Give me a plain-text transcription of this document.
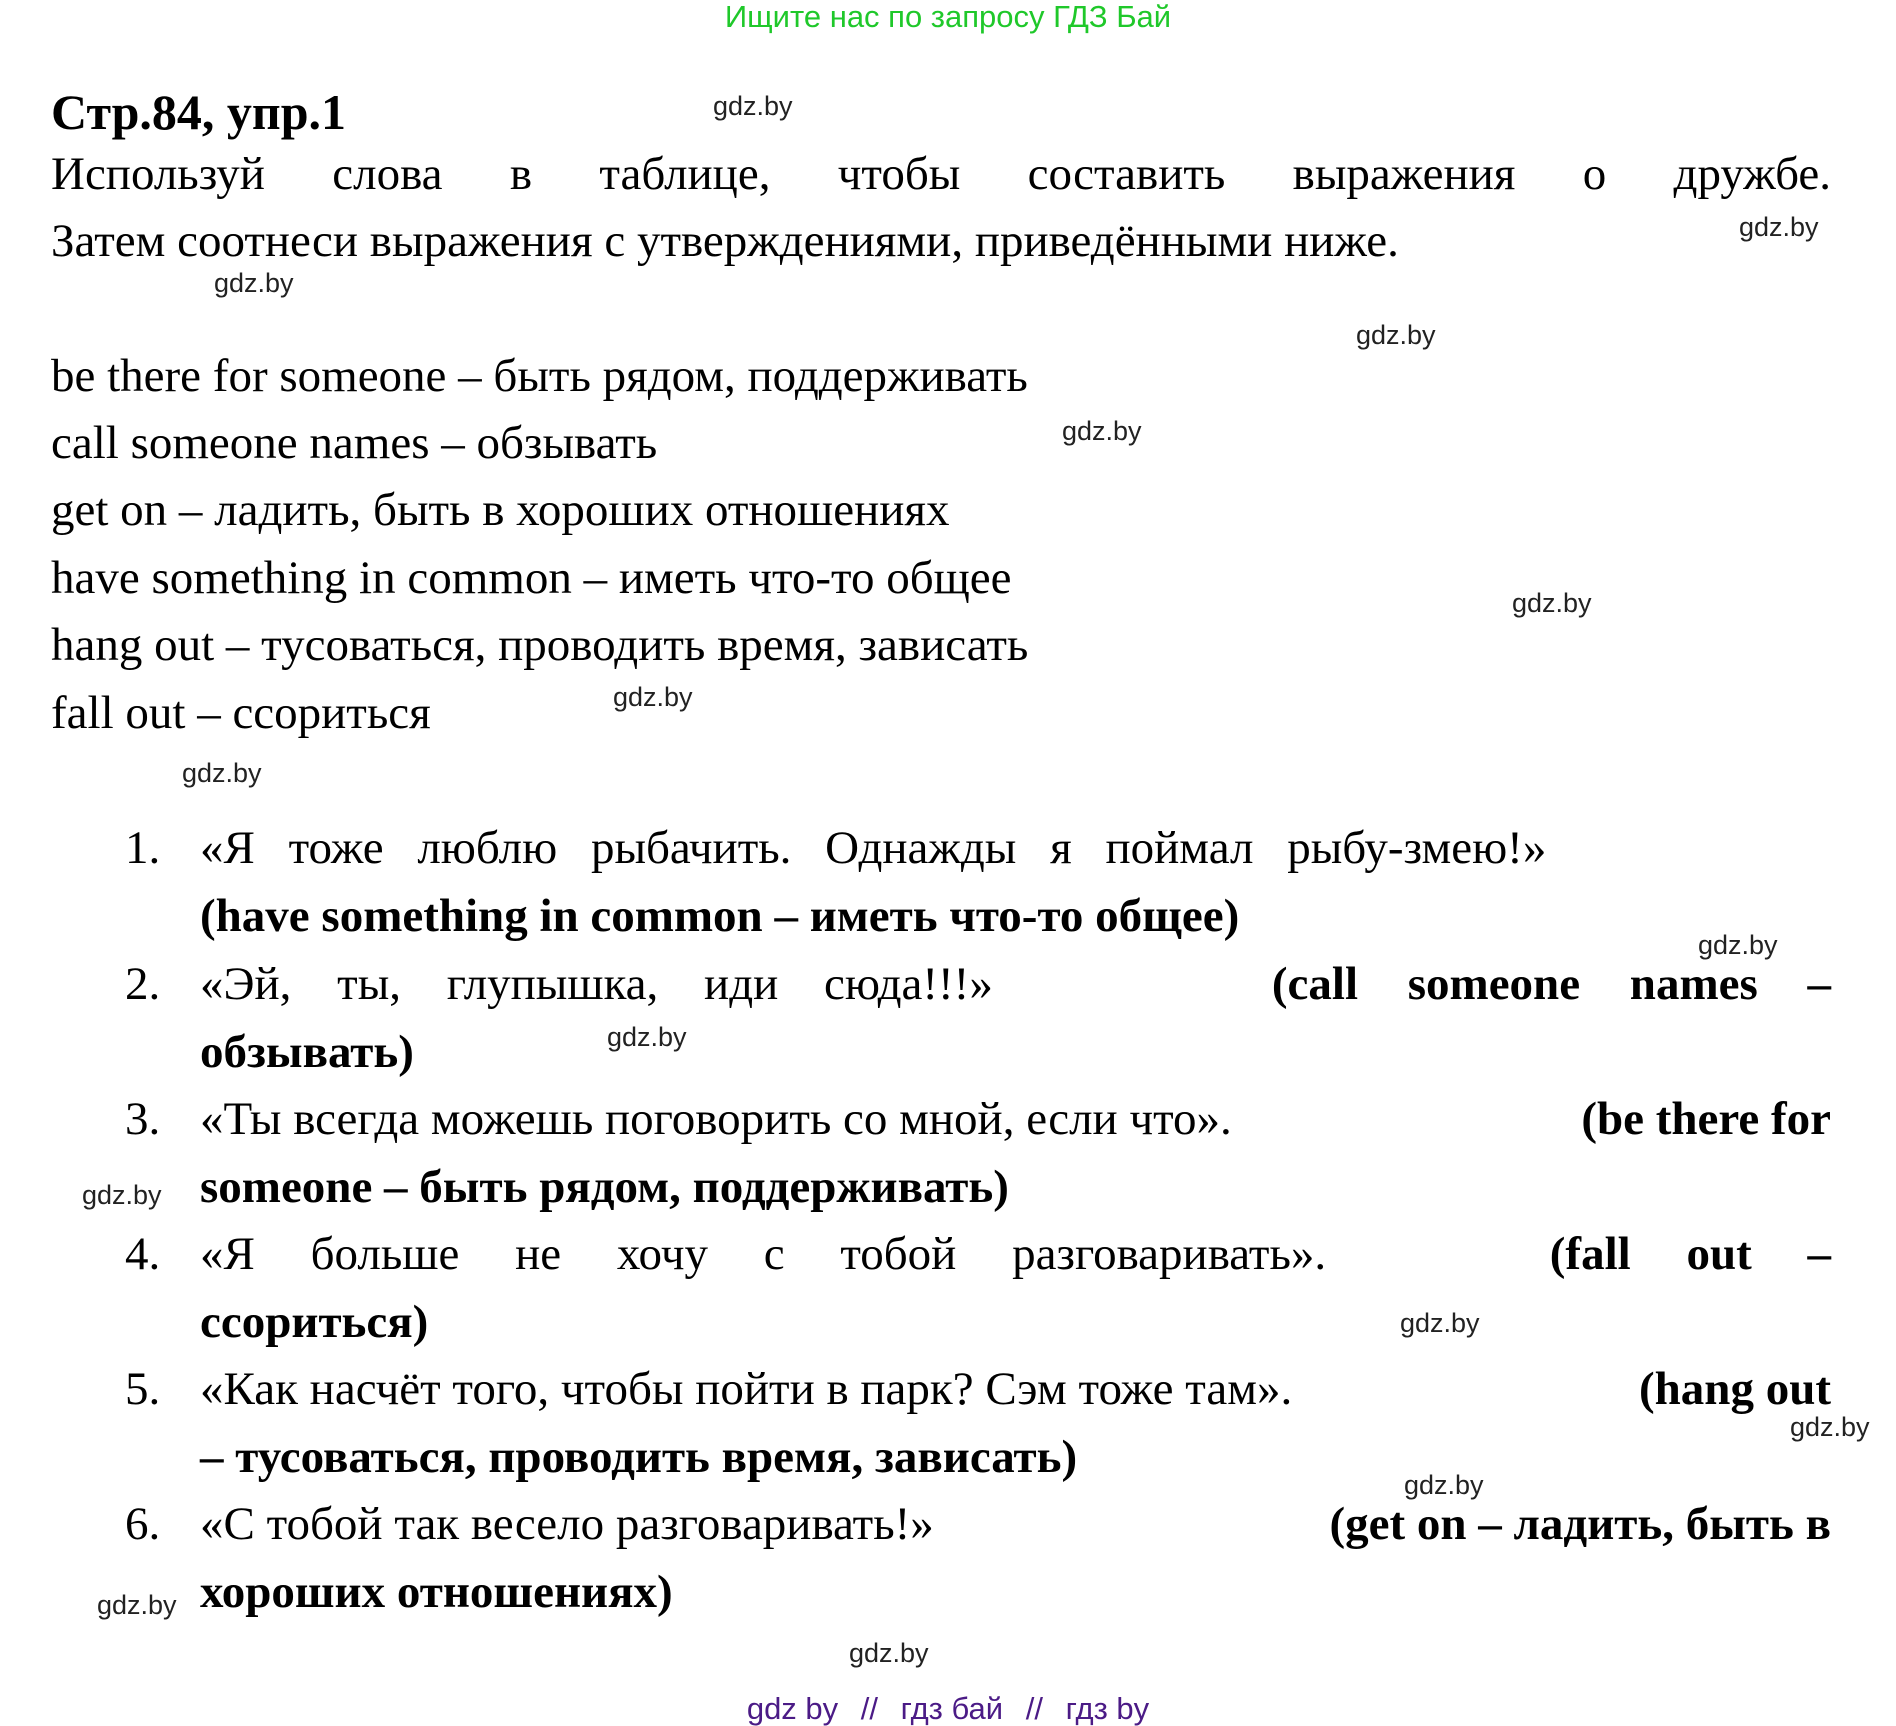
Ищите нас по запросу ГДЗ Бай
Стр.84, упр.1
Используй слова в таблице, чтобы составить выражения о дружбе.
Затем соотнеси выражения с утверждениями, приведёнными ниже.
be there for someone – быть рядом, поддерживать
call someone names – обзывать
get on – ладить, быть в хороших отношениях
have something in common – иметь что-то общее
hang out – тусоваться, проводить время, зависать
fall out – ссориться
1. «Я тоже люблю рыбачить. Однажды я поймал рыбу-змею!»
(have something in common – иметь что-то общее)
2. «Эй, ты, глупышка, иди сюда!!!»	(call someone names –
обзывать)
3. «Ты всегда можешь поговорить со мной, если что».	(be there for
someone – быть рядом, поддерживать)
4. «Я больше не хочу с тобой разговаривать».	(fall out –
ссориться)
5. «Как насчёт того, чтобы пойти в парк? Сэм тоже там».	(hang out
– тусоваться, проводить время, зависать)
6. «С тобой так весело разговаривать!»	(get on – ладить, быть в
хороших отношениях)
gdz.by
gdz.by
gdz.by
gdz.by
gdz.by
gdz.by
gdz.by
gdz.by
gdz.by
gdz.by
gdz.by
gdz.by
gdz.by
gdz.by
gdz.by
gdz.by
gdz by // гдз бай // гдз by
